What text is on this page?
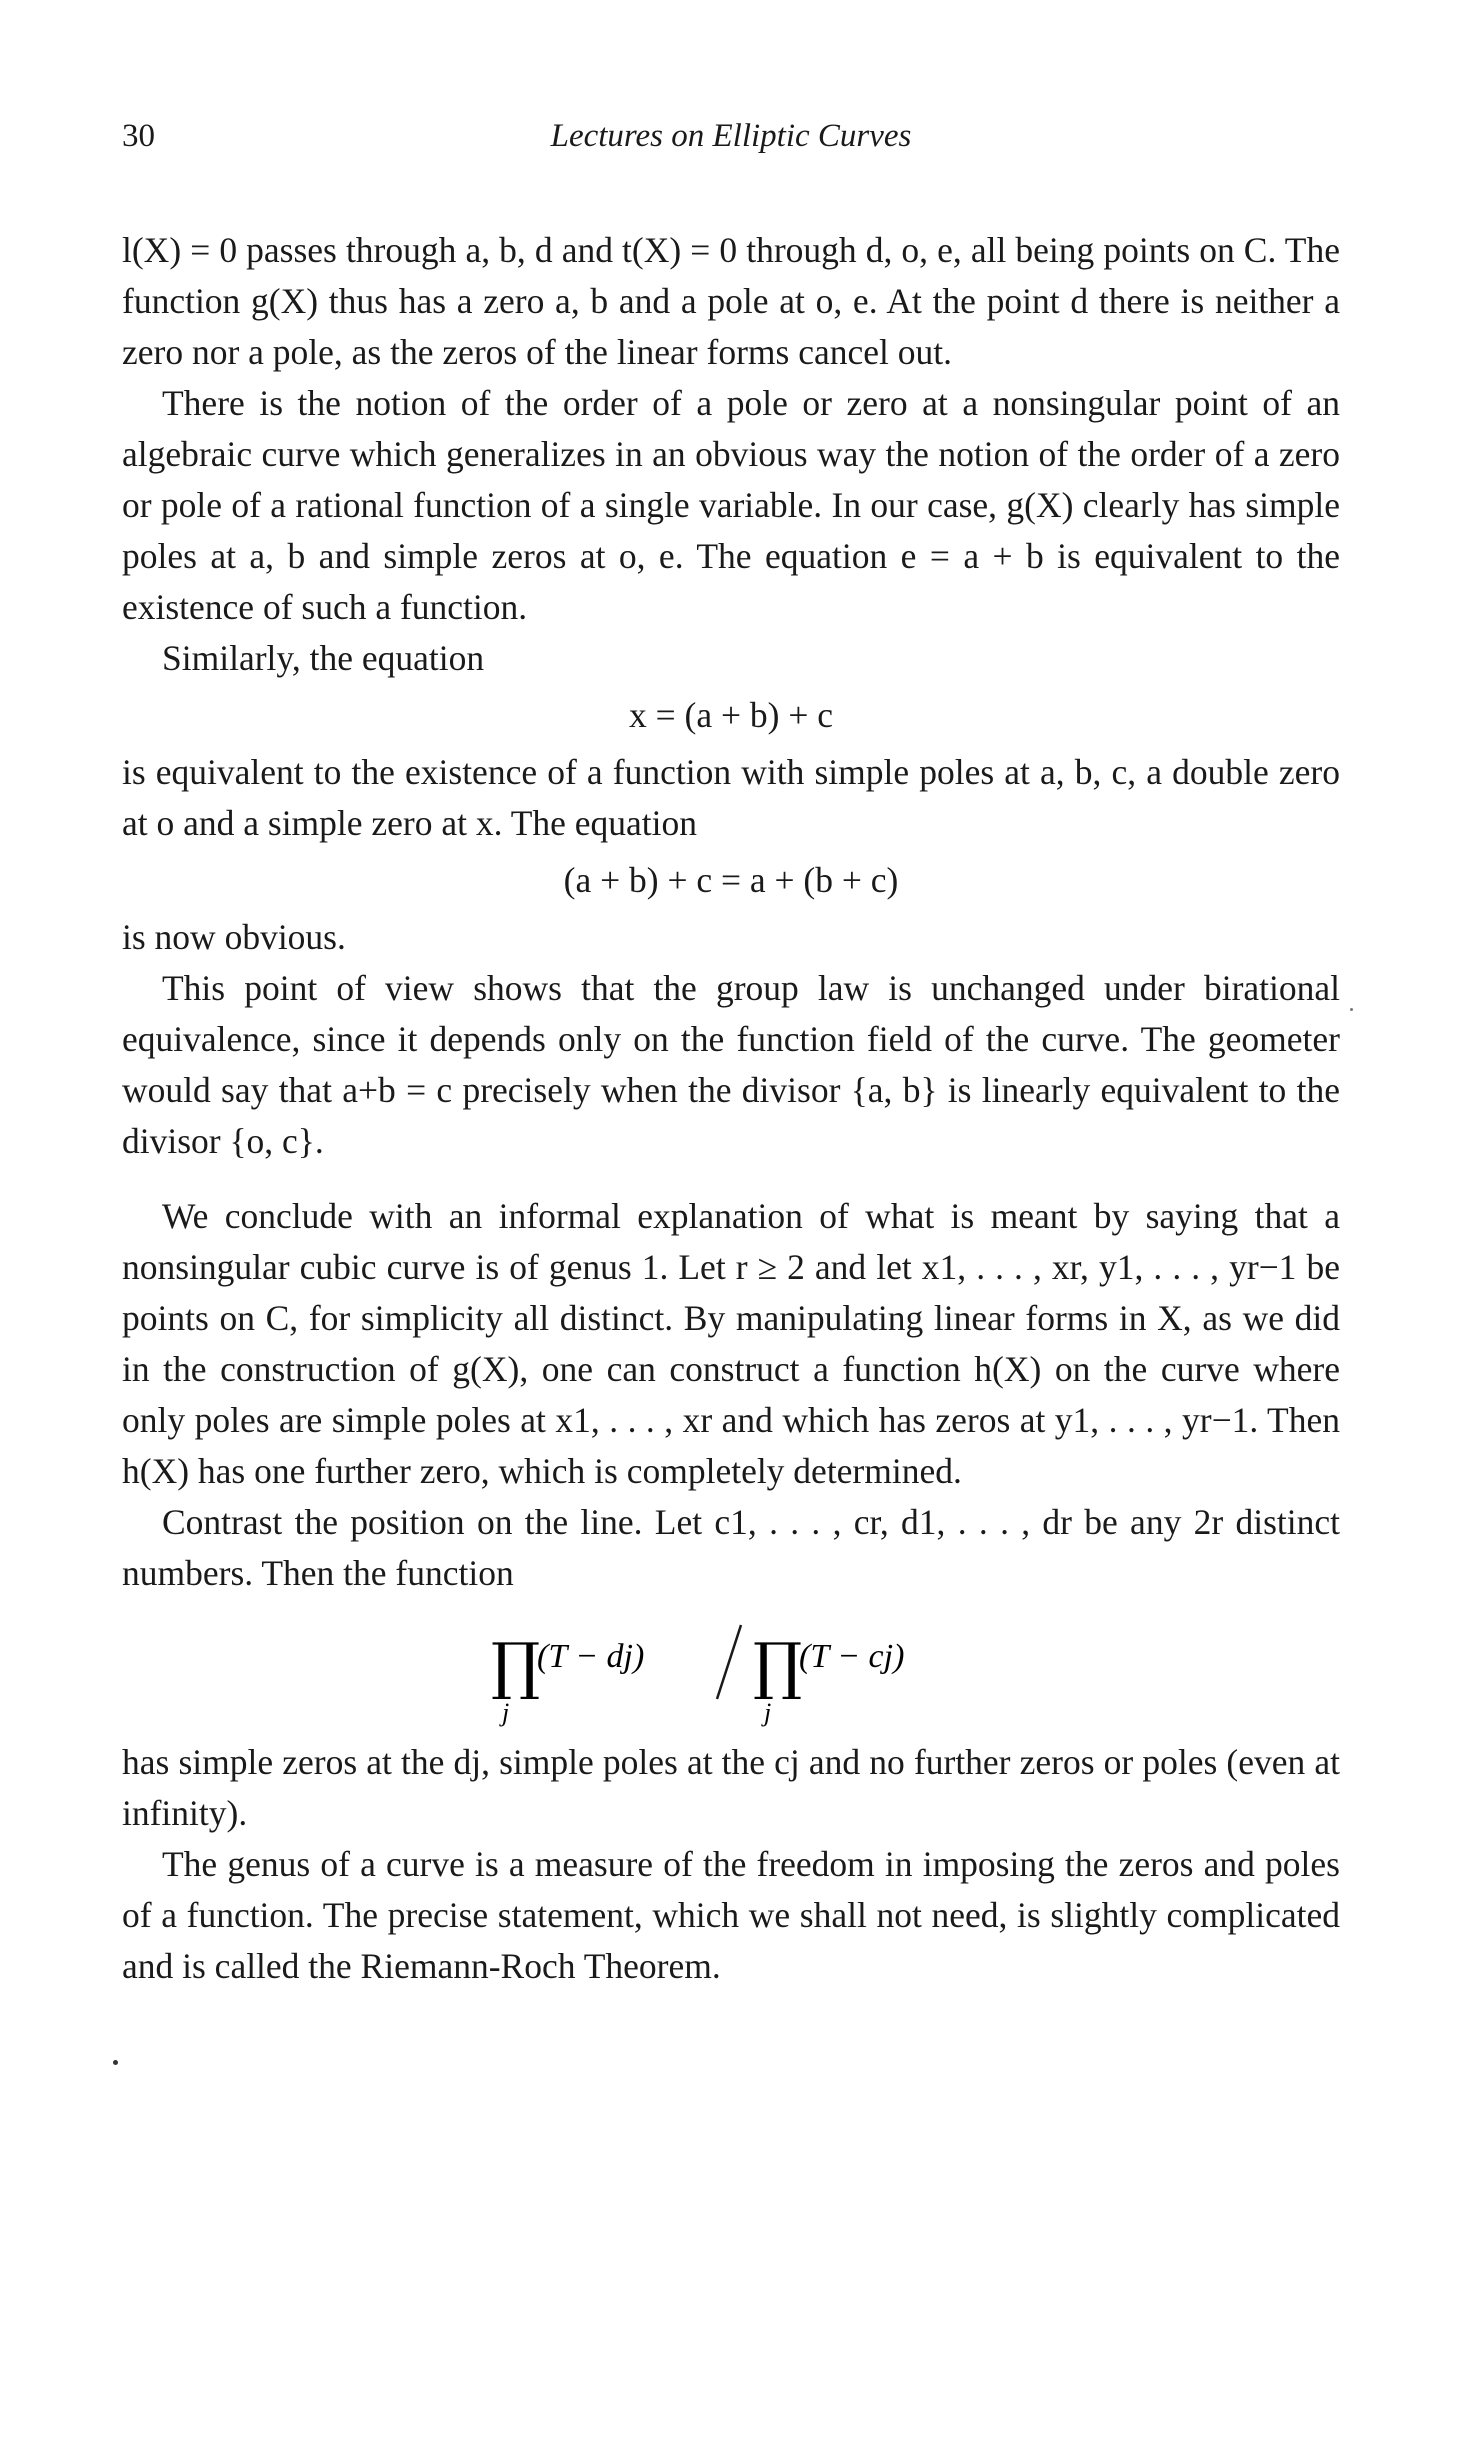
30	Lectures on Elliptic Curves

l(X) = 0 passes through a, b, d and t(X) = 0 through d, o, e, all being points on C. The function g(X) thus has a zero a, b and a pole at o, e. At the point d there is neither a zero nor a pole, as the zeros of the linear forms cancel out.

There is the notion of the order of a pole or zero at a nonsingular point of an algebraic curve which generalizes in an obvious way the notion of the order of a zero or pole of a rational function of a single variable. In our case, g(X) clearly has simple poles at a, b and simple zeros at o, e. The equation e = a + b is equivalent to the existence of such a function.

Similarly, the equation

x = (a + b) + c

is equivalent to the existence of a function with simple poles at a, b, c, a double zero at o and a simple zero at x. The equation

(a + b) + c = a + (b + c)

is now obvious.

This point of view shows that the group law is unchanged under birational equivalence, since it depends only on the function field of the curve. The geometer would say that a+b = c precisely when the divisor {a, b} is linearly equivalent to the divisor {o, c}.

We conclude with an informal explanation of what is meant by saying that a nonsingular cubic curve is of genus 1. Let r ≥ 2 and let x1, . . . , xr, y1, . . . , yr−1 be points on C, for simplicity all distinct. By manipulating linear forms in X, as we did in the construction of g(X), one can construct a function h(X) on the curve where only poles are simple poles at x1, . . . , xr and which has zeros at y1, . . . , yr−1. Then h(X) has one further zero, which is completely determined.

Contrast the position on the line. Let c1, . . . , cr, d1, . . . , dr be any 2r distinct numbers. Then the function

∏
(T − dj)
j
∏
(T − cj)
j

has simple zeros at the dj, simple poles at the cj and no further zeros or poles (even at infinity).

The genus of a curve is a measure of the freedom in imposing the zeros and poles of a function. The precise statement, which we shall not need, is slightly complicated and is called the Riemann-Roch Theorem.
